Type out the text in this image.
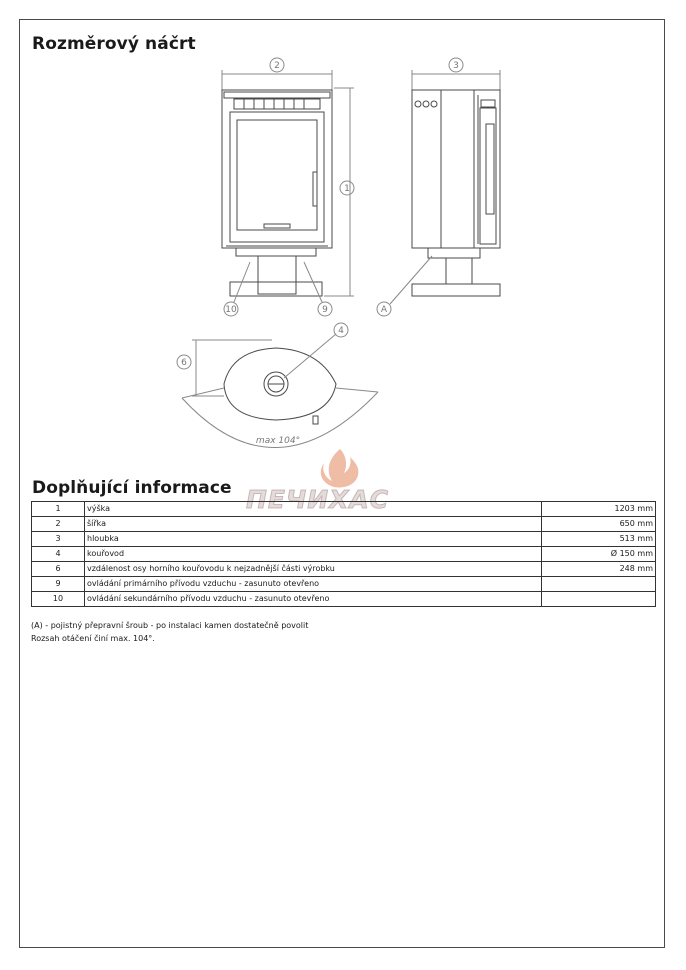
Rozměrový náčrt
2	3
1
10	9	A
4
6
max 104°
ПЕЧИХАС
Doplňující informace
1	výška	1203 mm
2	šířka	650 mm
3	hloubka	513 mm
4	kouřovod	Ø 150 mm
6	vzdálenost osy horního kouřovodu k nejzadnější části výrobku	248 mm
9	ovládání primárního přívodu vzduchu - zasunuto otevřeno	
10	ovládání sekundárního přívodu vzduchu - zasunuto otevřeno	
(A) - pojistný přepravní šroub - po instalaci kamen dostatečně povolit
Rozsah otáčení činí max. 104°.
